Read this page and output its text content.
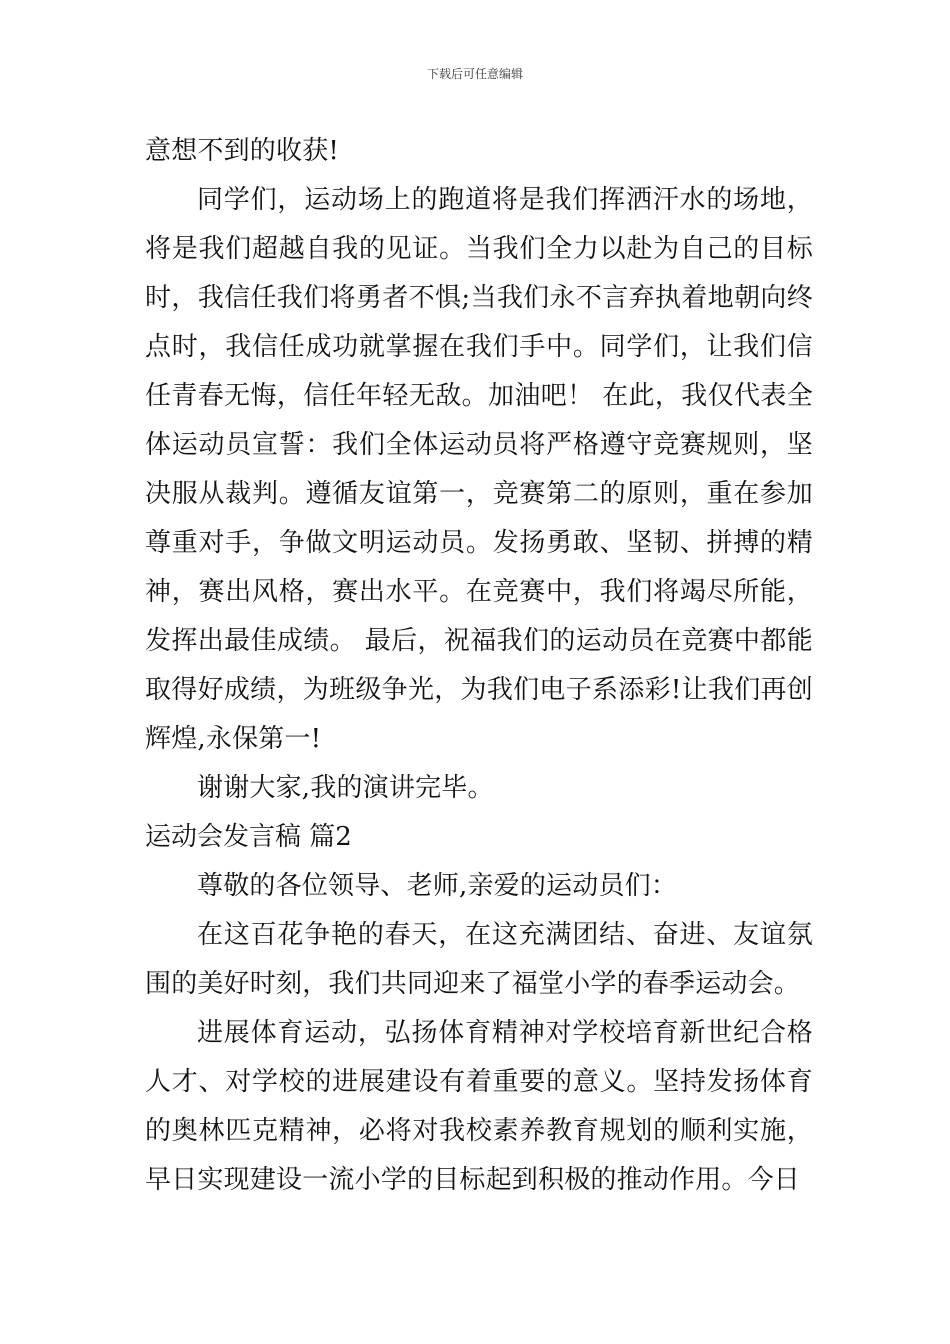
下载后可任意编辑

意想不到的收获!

同学们，运动场上的跑道将是我们挥洒汗水的场地，将是我们超越自我的见证。当我们全力以赴为自己的目标时，我信任我们将勇者不惧;当我们永不言弃执着地朝向终点时，我信任成功就掌握在我们手中。同学们，让我们信任青春无悔，信任年轻无敌。加油吧！ 在此，我仅代表全体运动员宣誓：我们全体运动员将严格遵守竞赛规则，坚决服从裁判。遵循友谊第一，竞赛第二的原则，重在参加尊重对手，争做文明运动员。发扬勇敢、坚韧、拼搏的精神，赛出风格，赛出水平。在竞赛中，我们将竭尽所能，发挥出最佳成绩。 最后，祝福我们的运动员在竞赛中都能取得好成绩，为班级争光，为我们电子系添彩!让我们再创辉煌,永保第一!

谢谢大家,我的演讲完毕。

运动会发言稿 篇2

尊敬的各位领导、老师,亲爱的运动员们：

在这百花争艳的春天，在这充满团结、奋进、友谊氛围的美好时刻，我们共同迎来了福堂小学的春季运动会。

进展体育运动，弘扬体育精神对学校培育新世纪合格人才、对学校的进展建设有着重要的意义。坚持发扬体育的奥林匹克精神，必将对我校素养教育规划的顺利实施，早日实现建设一流小学的目标起到积极的推动作用。今日
